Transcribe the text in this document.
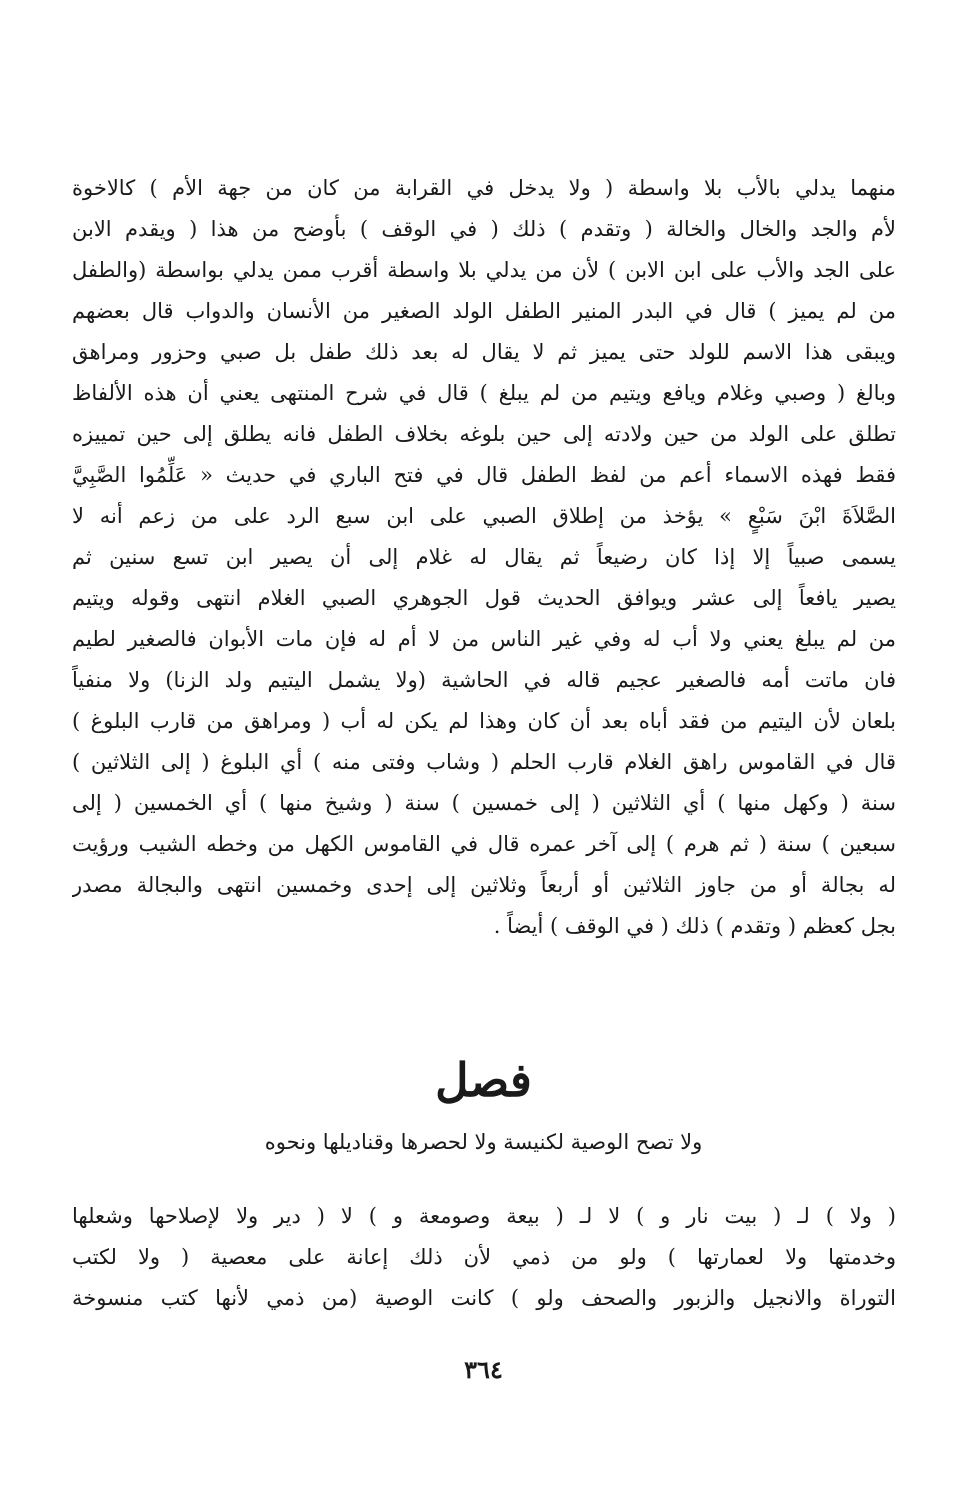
منهما يدلي بالأب بلا واسطة ( ولا يدخل في القرابة من كان من جهة الأم ) كالاخوة
لأم والجد والخال والخالة ( وتقدم ) ذلك ( في الوقف ) بأوضح من هذا ( ويقدم الابن
على الجد والأب على ابن الابن ) لأن من يدلي بلا واسطة أقرب ممن يدلي بواسطة (والطفل
من لم يميز ) قال في البدر المنير الطفل الولد الصغير من الأنسان والدواب قال بعضهم
ويبقى هذا الاسم للولد حتى يميز ثم لا يقال له بعد ذلك طفل بل صبي وحزور ومراهق
وبالغ ( وصبي وغلام ويافع ويتيم من لم يبلغ ) قال في شرح المنتهى يعني أن هذه الألفاظ
تطلق على الولد من حين ولادته إلى حين بلوغه بخلاف الطفل فانه يطلق إلى حين تمييزه
فقط فهذه الاسماء أعم من لفظ الطفل قال في فتح الباري في حديث « عَلِّمُوا الصَّبِيَّ
الصَّلاَةَ ابْنَ سَبْعٍ » يؤخذ من إطلاق الصبي على ابن سبع الرد على من زعم أنه لا
يسمى صبياً إلا إذا كان رضيعاً ثم يقال له غلام إلى أن يصير ابن تسع سنين ثم
يصير يافعاً إلى عشر ويوافق الحديث قول الجوهري الصبي الغلام انتهى وقوله ويتيم
من لم يبلغ يعني ولا أب له وفي غير الناس من لا أم له فإن مات الأبوان فالصغير لطيم
فان ماتت أمه فالصغير عجيم قاله في الحاشية (ولا يشمل اليتيم ولد الزنا) ولا منفياً
بلعان لأن اليتيم من فقد أباه بعد أن كان وهذا لم يكن له أب ( ومراهق من قارب البلوغ )
قال في القاموس راهق الغلام قارب الحلم ( وشاب وفتى منه ) أي البلوغ ( إلى الثلاثين )
سنة ( وكهل منها ) أي الثلاثين ( إلى خمسين ) سنة ( وشيخ منها ) أي الخمسين ( إلى
سبعين ) سنة ( ثم هرم ) إلى آخر عمره قال في القاموس الكهل من وخطه الشيب ورؤيت
له بجالة أو من جاوز الثلاثين أو أربعاً وثلاثين إلى إحدى وخمسين انتهى والبجالة مصدر
بجل كعظم ( وتقدم ) ذلك ( في الوقف ) أيضاً .
فصل
ولا تصح الوصية لكنيسة ولا لحصرها وقناديلها ونحوه
( ولا ) لـ ( بيت نار و ) لا لـ ( بيعة وصومعة و ) لا ( دير ولا لإصلاحها وشعلها
وخدمتها ولا لعمارتها ) ولو من ذمي لأن ذلك إعانة على معصية ( ولا لكتب
التوراة والانجيل والزبور والصحف ولو ) كانت الوصية (من ذمي لأنها كتب منسوخة
٣٦٤
